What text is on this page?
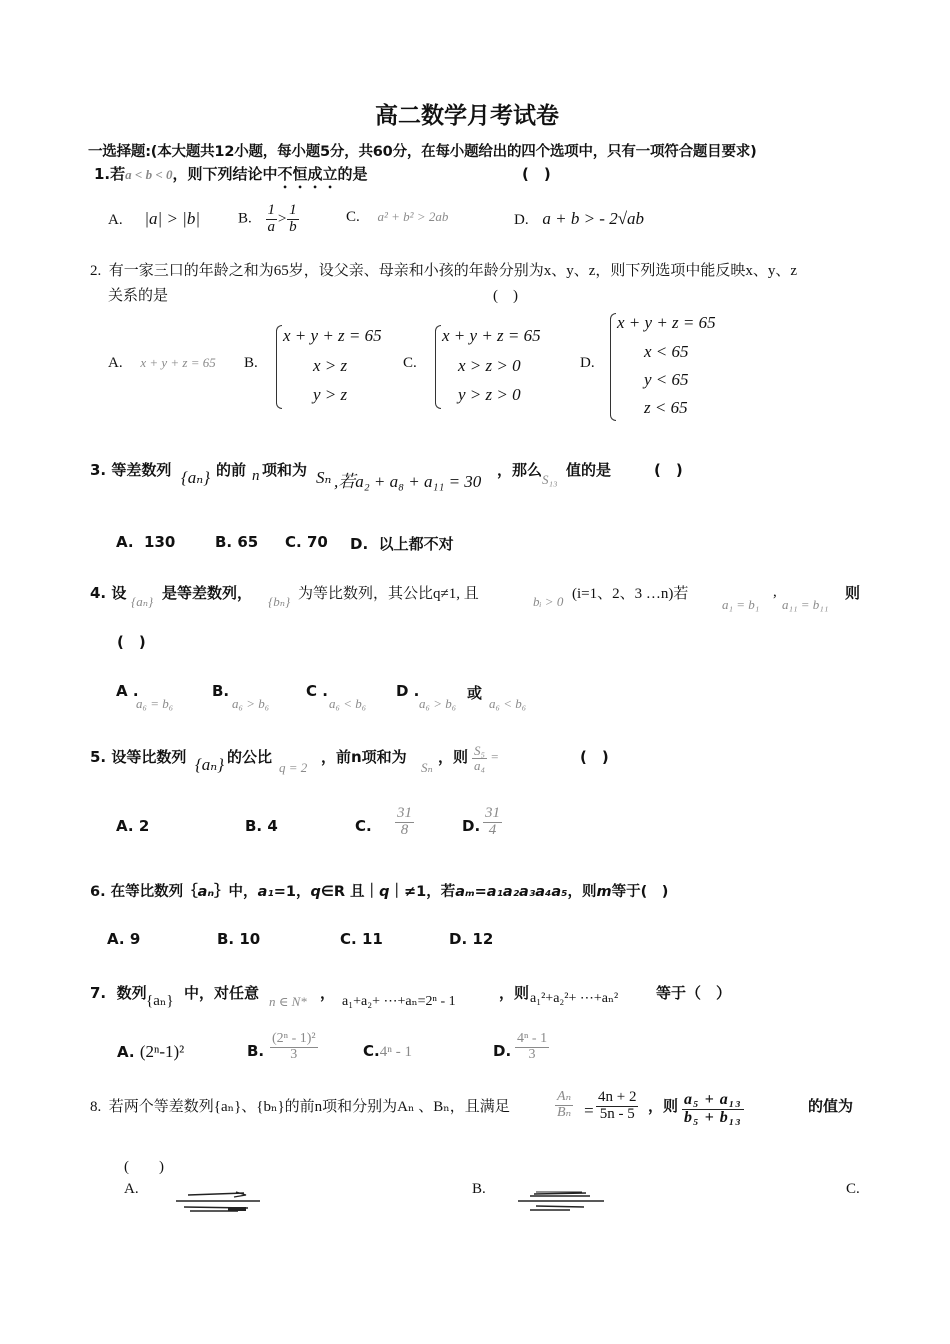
高二数学月考试卷
一选择题:(本大题共12小题，每小题5分，共60分，在每小题给出的四个选项中，只有一项符合题目要求)
1.若a < b < 0，则下列结论中不恒成立的是	(　)
A. |a| > |b|	B. $\frac{1}{a} > \frac{1}{b}$	C. a² + b² > 2ab	D. a + b > - 2√ab
2. 有一家三口的年龄之和为65岁，设父亲、母亲和小孩的年龄分别为x、y、z，则下列选项中能反映x、y、z
关系的是	(　)
A. x + y + z = 65 B.
x + y + z = 65
x > z
y > z
C.
x + y + z = 65
x > z > 0
y > z > 0
D.
x + y + z = 65
x < 65
y < 65
z < 65
3. 等差数列 {aₙ} 的前 n 项和为 Sₙ ,若a₂ + a₈ + a₁₁ = 30
，那么
S₁₃
值的是	(　)
A. 130	B. 65 C. 70 D. 以上都不对
4. 设 {aₙ} 是等差数列， {bₙ} 为等比数列，其公比q≠1, 且	bᵢ > 0 (i=1、2、3 …n)若
a₁ = b₁
,
a₁₁ = b₁₁
则
(　)
A .
a₆ = b₆
B.
a₆ > b₆
C .
a₆ < b₆
D .
a₆ > b₆
或
a₆ < b₆
5. 设等比数列 {aₙ} 的公比
q = 2
，前n项和为
Sₙ
，则 $\frac{\text{S₅}}{\text{a₄}}$ =	(　)
A. 2	B. 4	C. $\frac{31}{8}$	D. $\frac{31}{4}$
6. 在等比数列｛aₙ｝中，a₁=1，q∈R 且｜q｜≠1，若aₘ=a₁a₂a₃a₄a₅，则m等于(　)
A. 9	B. 10	C. 11	D. 12
7. 数列 {aₙ} 中，对任意 n ∈ N* ， a₁+a₂+ ⋯+aₙ=2ⁿ - 1	，则 a₁²+a₂²+ ⋯+aₙ²	等于（　）
A. (2ⁿ-1)²	B. $\frac{\text{(2ⁿ - 1)²}}{3}$	C.4ⁿ - 1	D. $\frac{\text{4ⁿ - 1}}{3}$
8. 若两个等差数列{aₙ}、{bₙ}的前n项和分别为Aₙ 、Bₙ，且满足	$\frac{\text{Aₙ}}{\text{Bₙ}} = \frac{4n + 2}{5n - 5}$ ，则 $\frac{\text{a₅ + a₁₃}}{\text{b₅ + b₁₃}}$	的值为
(　　)
A.	B.	C.
